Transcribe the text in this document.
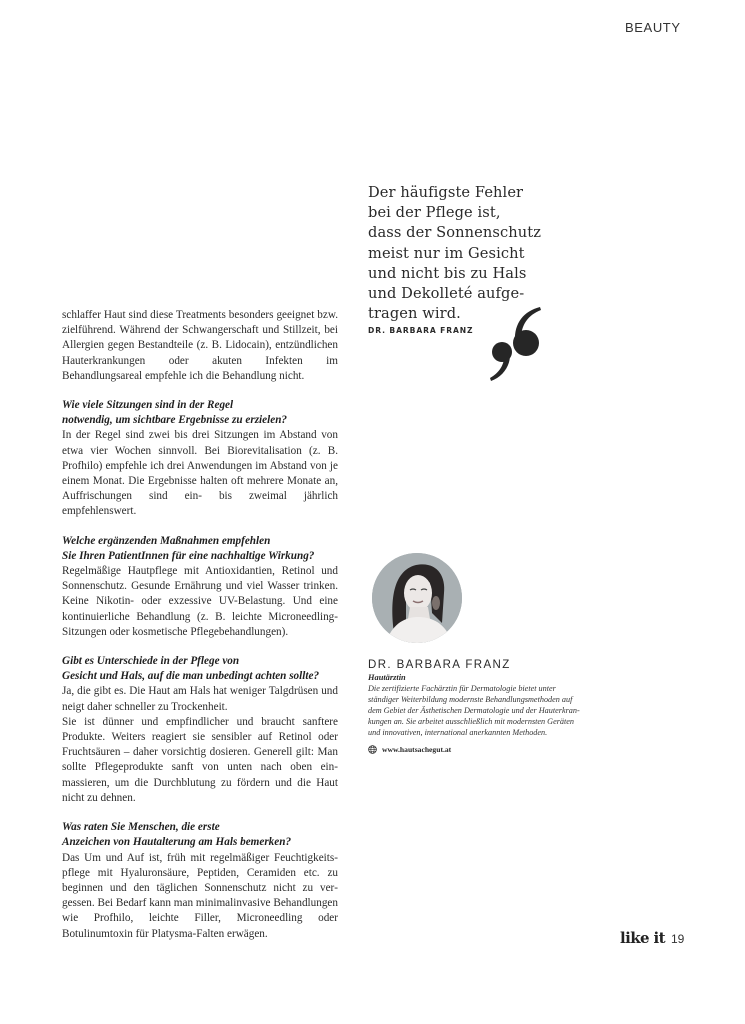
BEAUTY

schlaffer Haut sind diese Treatments besonders geeignet bzw. zielführend. Während der Schwangerschaft und Stillzeit, bei Allergien gegen Bestandteile (z. B. Lidocain), entzündlichen Hauterkrankungen oder akuten Infekten im Behandlungsareal empfehle ich die Behandlung nicht.

Wie viele Sitzungen sind in der Regel
notwendig, um sichtbare Ergebnisse zu erzielen?

In der Regel sind zwei bis drei Sitzungen im Abstand von etwa vier Wochen sinnvoll. Bei Biorevitalisation (z. B. Profhilo) empfehle ich drei Anwendungen im Abstand von je einem Monat. Die Ergebnisse halten oft mehrere Monate an, Auffrischungen sind ein- bis zweimal jährlich empfehlenswert.

Welche ergänzenden Maßnahmen empfehlen
Sie Ihren PatientInnen für eine nachhaltige Wirkung?

Regelmäßige Hautpflege mit Antioxidantien, Retinol und Sonnenschutz. Gesunde Ernährung und viel Wasser trinken. Keine Nikotin- oder exzessive UV-Belastung. Und eine kontinuierliche Behandlung (z. B. leichte Microneedling-Sitzungen oder kosmetische Pflegebehandlungen).

Gibt es Unterschiede in der Pflege von
Gesicht und Hals, auf die man unbedingt achten sollte?

Ja, die gibt es. Die Haut am Hals hat weniger Talgdrüsen und neigt daher schneller zu Trockenheit.

Sie ist dünner und empfindlicher und braucht sanftere Produkte. Weiters reagiert sie sensibler auf Retinol oder Fruchtsäuren – daher vorsichtig dosieren. Generell gilt: Man sollte Pflegeprodukte sanft von unten nach oben einmassieren, um die Durchblutung zu fördern und die Haut nicht zu dehnen.

Was raten Sie Menschen, die erste
Anzeichen von Hautalterung am Hals bemerken?

Das Um und Auf ist, früh mit regelmäßiger Feuchtigkeitspflege mit Hyaluronsäure, Peptiden, Ceramiden etc. zu beginnen und den täglichen Sonnenschutz nicht zu vergessen. Bei Bedarf kann man minimalinvasive Behandlungen wie Profhilo, leichte Filler, Microneedling oder Botulinumtoxin für Platysma-Falten erwägen.

Der häufigste Fehler
bei der Pflege ist,
dass der Sonnenschutz
meist nur im Gesicht
und nicht bis zu Hals
und Dekolleté aufge-
tragen wird.
DR. BARBARA FRANZ

DR. BARBARA FRANZ

Hautärztin

Die zertifizierte Fachärztin für Dermatologie bietet unter
ständiger Weiterbildung modernste Behandlungsmethoden auf
dem Gebiet der Ästhetischen Dermatologie und der Hauterkran-
kungen an. Sie arbeitet ausschließlich mit modernsten Geräten
und innovativen, international anerkannten Methoden.
www.hautsachegut.at
like it 19
